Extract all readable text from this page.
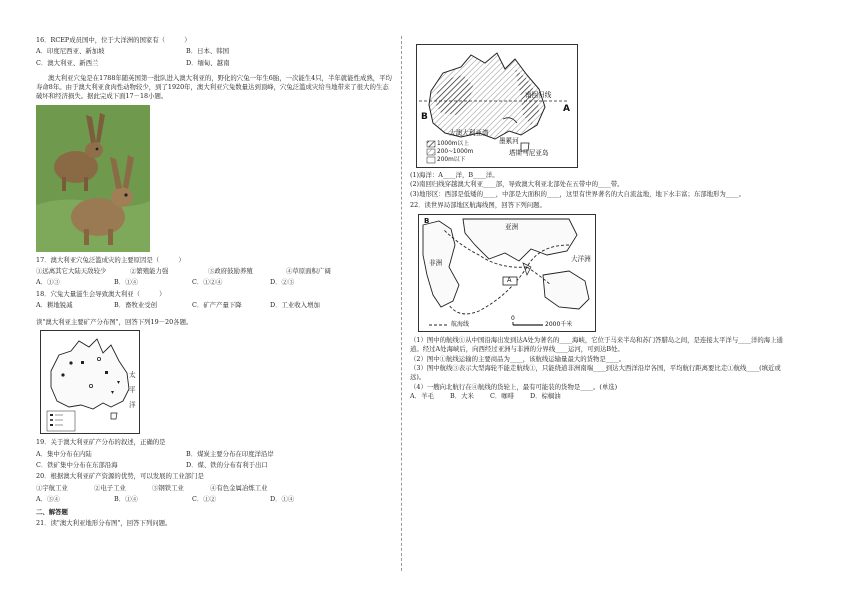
16．RCEP成员国中，位于大洋洲的国家有（　　　）

A．印度尼西亚、新加坡	B．日本、韩国
C．澳大利亚、新西兰	D．缅甸、越南

澳大利亚穴兔是在1788年随英国第一批队进入澳大利亚的，野化的穴兔一年生6胎，一次能生4只，半年就能性成熟，平均寿命8年。由于澳大利亚食肉性动物较少，到了1920年，澳大利亚穴兔数量达到顶峰，穴兔泛滥成灾给当地带来了很大的生态破坏和经济损失。据此完成下面17－18小题。

17．澳大利亚穴兔泛滥成灾的主要原因是（　　　）

①远离其它大陆天敌较少	②繁殖能力强	③政府鼓励养殖	④草原面积广阔
A．①③	B．①④	C．①②④	D．②③

18．穴兔大量滋生会导致澳大利亚（　　　）

A．耕地锐减	B．畜牧业受创	C．矿产产量下降	D．工业收入增加

读"澳大利亚主要矿产分布图"，回答下列19－20各题。

太
平
洋

19．关于澳大利亚矿产分布的叙述，正确的是

A．集中分布在内陆	B．煤炭主要分布在印度洋沿岸
C．铁矿集中分布在东部沿海	D．煤、铁的分布有利于出口

20．根据澳大利亚矿产资源的优势，可以发展的工业部门是

①宇航工业	②电子工业	③钢铁工业	④有色金属冶炼工业
A．③④	B．①④	C．①②	D．①④

二、解答题

21．读"澳大利亚地形分布图"，回答下列问题。

B
A
南回归线
大澳大利亚湾
墨累河
塔斯马尼亚岛
1000m以上
200~1000m
200m以下

(1)海洋：A____洋，B____洋。

(2)南回归线穿越澳大利亚____部，导致澳大利亚北部处在五带中的____带。

(3)地形区：西部是低矮的____，中部是大面积的____，这里有世界著名的大自流盆地，地下水丰富；东部地形为____。

22．读世界局部地区航海线图，回答下列问题。

B
亚洲
非洲	大洋洲
A
航海线
0
2000千米

（1）图中的航线①从中国沿海出发到达A处为著名的____海峡，它位于马来半岛和苏门答腊岛之间，是连接太平洋与____洋的海上通道。经过A处海峡后，向西经过亚洲与非洲的分界线____运河，可到达B处。

（2）图中①航线运输的主要商品为____，该航线运输量最大的货物是____。

（3）图中航线③表示大型海轮不能走航线①，只能绕道非洲南端____到达大西洋沿岸各国，平均航行距离要比走①航线____(填近或远)。

（4）一艘向北航行在④航线的货轮上，最有可能装的货物是____。(单选)

A．羊毛	B．大米	C．咖啡	D．棕榈油
